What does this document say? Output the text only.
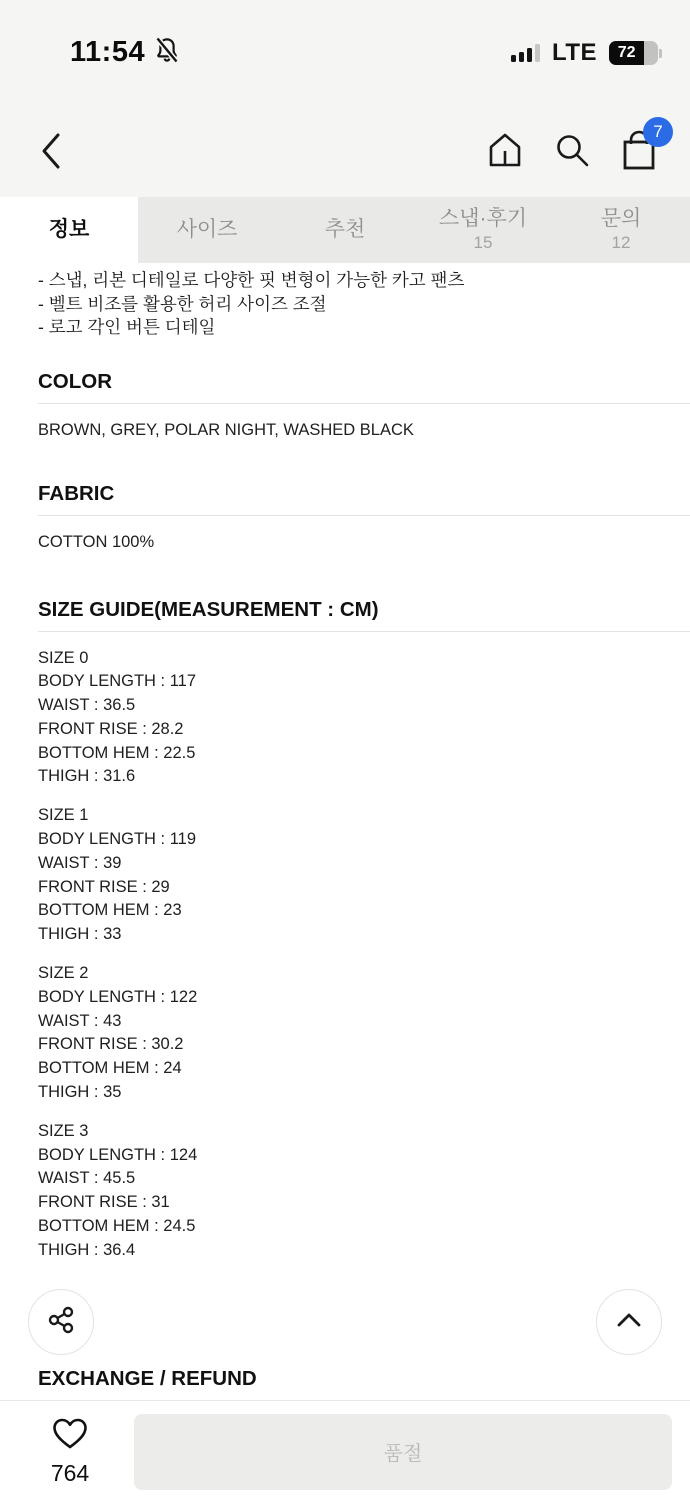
11:54	LTE	72
7
정보	사이즈	추천	스냅·후기
15
문의
12
- 스냅, 리본 디테일로 다양한 핏 변형이 가능한 카고 팬츠
- 벨트 비조를 활용한 허리 사이즈 조절
- 로고 각인 버튼 디테일
COLOR
BROWN, GREY, POLAR NIGHT, WASHED BLACK
FABRIC
COTTON 100%
SIZE GUIDE(MEASUREMENT : CM)
SIZE 0
BODY LENGTH : 117
WAIST : 36.5
FRONT RISE : 28.2
BOTTOM HEM : 22.5
THIGH : 31.6
SIZE 1
BODY LENGTH : 119
WAIST : 39
FRONT RISE : 29
BOTTOM HEM : 23
THIGH : 33
SIZE 2
BODY LENGTH : 122
WAIST : 43
FRONT RISE : 30.2
BOTTOM HEM : 24
THIGH : 35
SIZE 3
BODY LENGTH : 124
WAIST : 45.5
FRONT RISE : 31
BOTTOM HEM : 24.5
THIGH : 36.4
EXCHANGE / REFUND
764
품절
